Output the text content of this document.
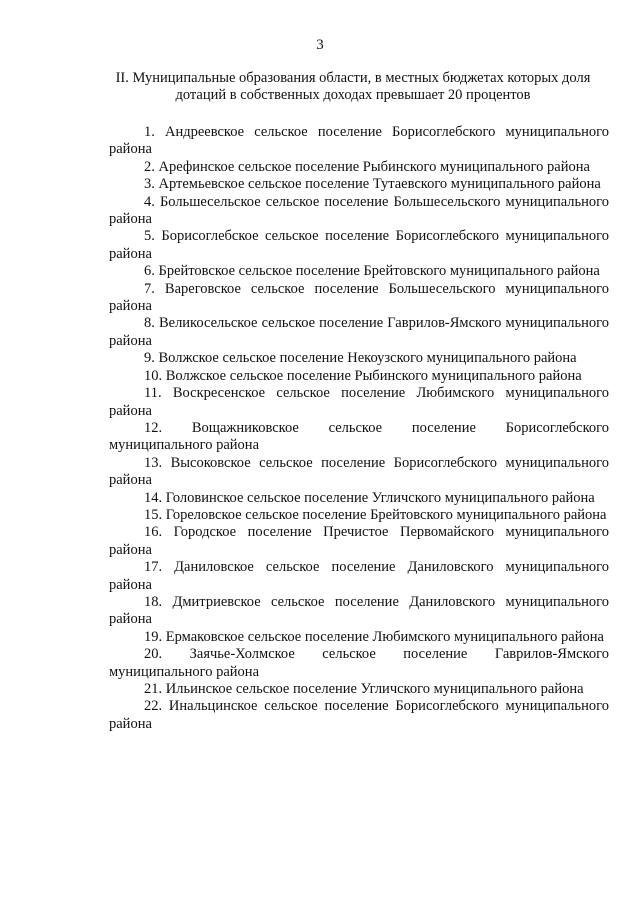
3
II. Муниципальные образования области, в местных бюджетах которых доля дотаций в собственных доходах превышает 20 процентов
1. Андреевское сельское поселение Борисоглебского муниципального района
2. Арефинское сельское поселение Рыбинского муниципального района
3. Артемьевское сельское поселение Тутаевского муниципального района
4. Большесельское сельское поселение Большесельского муниципального района
5. Борисоглебское сельское поселение Борисоглебского муниципального района
6. Брейтовское сельское поселение Брейтовского муниципального района
7. Вареговское сельское поселение Большесельского муниципального района
8. Великосельское сельское поселение Гаврилов-Ямского муниципального района
9. Волжское сельское поселение Некоузского муниципального района
10. Волжское сельское поселение Рыбинского муниципального района
11. Воскресенское сельское поселение Любимского муниципального района
12. Вощажниковское сельское поселение Борисоглебского муниципального района
13. Высоковское сельское поселение Борисоглебского муниципального района
14. Головинское сельское поселение Угличского муниципального района
15. Гореловское сельское поселение Брейтовского муниципального района
16. Городское поселение Пречистое Первомайского муниципального района
17. Даниловское сельское поселение Даниловского муниципального района
18. Дмитриевское сельское поселение Даниловского муниципального района
19. Ермаковское сельское поселение Любимского муниципального района
20. Заячье-Холмское сельское поселение Гаврилов-Ямского муниципального района
21. Ильинское сельское поселение Угличского муниципального района
22. Инальцинское сельское поселение Борисоглебского муниципального района
